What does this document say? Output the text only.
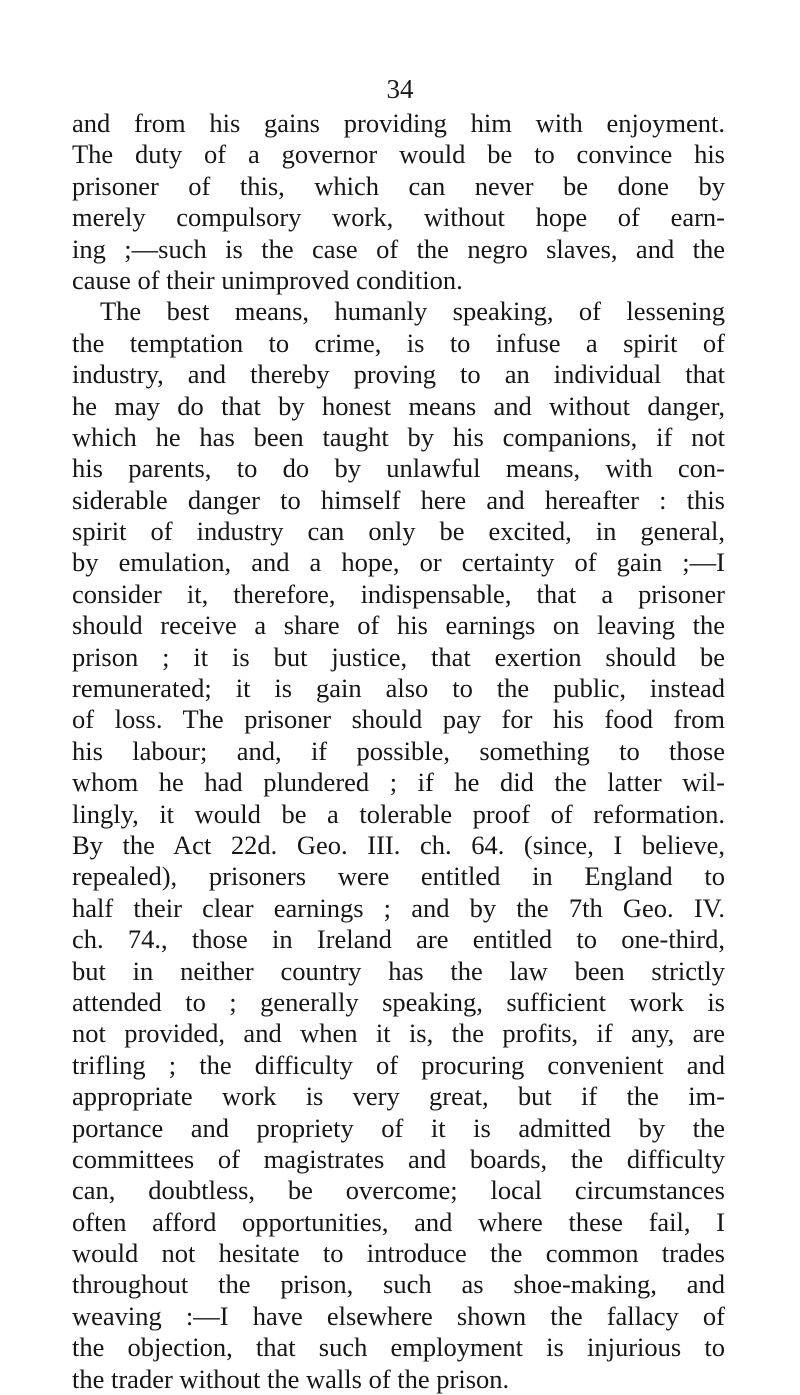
34
and from his gains providing him with enjoyment.
The duty of a governor would be to convince his
prisoner of this, which can never be done by
merely compulsory work, without hope of earn-
ing ;—such is the case of the negro slaves, and the
cause of their unimproved condition.
The best means, humanly speaking, of lessening
the temptation to crime, is to infuse a spirit of
industry, and thereby proving to an individual that
he may do that by honest means and without danger,
which he has been taught by his companions, if not
his parents, to do by unlawful means, with con-
siderable danger to himself here and hereafter : this
spirit of industry can only be excited, in general,
by emulation, and a hope, or certainty of gain ;—I
consider it, therefore, indispensable, that a prisoner
should receive a share of his earnings on leaving the
prison ; it is but justice, that exertion should be
remunerated; it is gain also to the public, instead
of loss. The prisoner should pay for his food from
his labour; and, if possible, something to those
whom he had plundered ; if he did the latter wil-
lingly, it would be a tolerable proof of reformation.
By the Act 22d. Geo. III. ch. 64. (since, I believe,
repealed), prisoners were entitled in England to
half their clear earnings ; and by the 7th Geo. IV.
ch. 74., those in Ireland are entitled to one-third,
but in neither country has the law been strictly
attended to ; generally speaking, sufficient work is
not provided, and when it is, the profits, if any, are
trifling ; the difficulty of procuring convenient and
appropriate work is very great, but if the im-
portance and propriety of it is admitted by the
committees of magistrates and boards, the difficulty
can, doubtless, be overcome; local circumstances
often afford opportunities, and where these fail, I
would not hesitate to introduce the common trades
throughout the prison, such as shoe-making, and
weaving :—I have elsewhere shown the fallacy of
the objection, that such employment is injurious to
the trader without the walls of the prison.
